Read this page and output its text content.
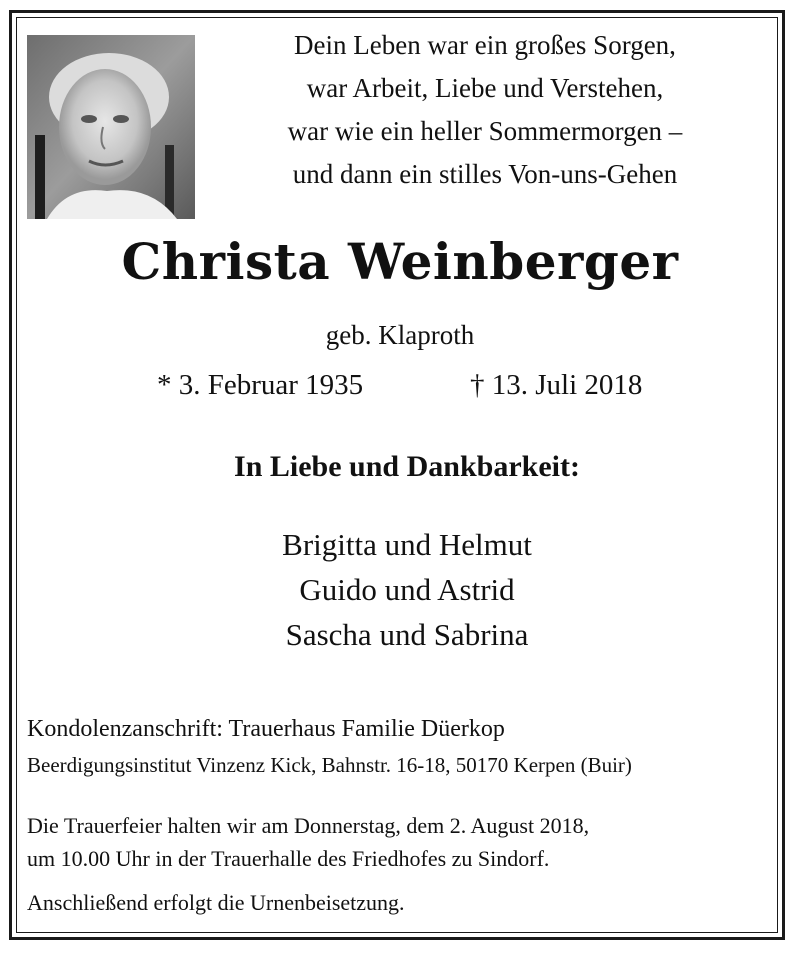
Dein Leben war ein großes Sorgen,
war Arbeit, Liebe und Verstehen,
war wie ein heller Sommermorgen –
und dann ein stilles Von-uns-Gehen
Christa Weinberger
geb. Klaproth
* 3. Februar 1935	† 13. Juli 2018
In Liebe und Dankbarkeit:
Brigitta und Helmut
Guido und Astrid
Sascha und Sabrina
Kondolenzanschrift: Trauerhaus Familie Düerkop
Beerdigungsinstitut Vinzenz Kick, Bahnstr. 16-18, 50170 Kerpen (Buir)
Die Trauerfeier halten wir am Donnerstag, dem 2. August 2018,
um 10.00 Uhr in der Trauerhalle des Friedhofes zu Sindorf.
Anschließend erfolgt die Urnenbeisetzung.
